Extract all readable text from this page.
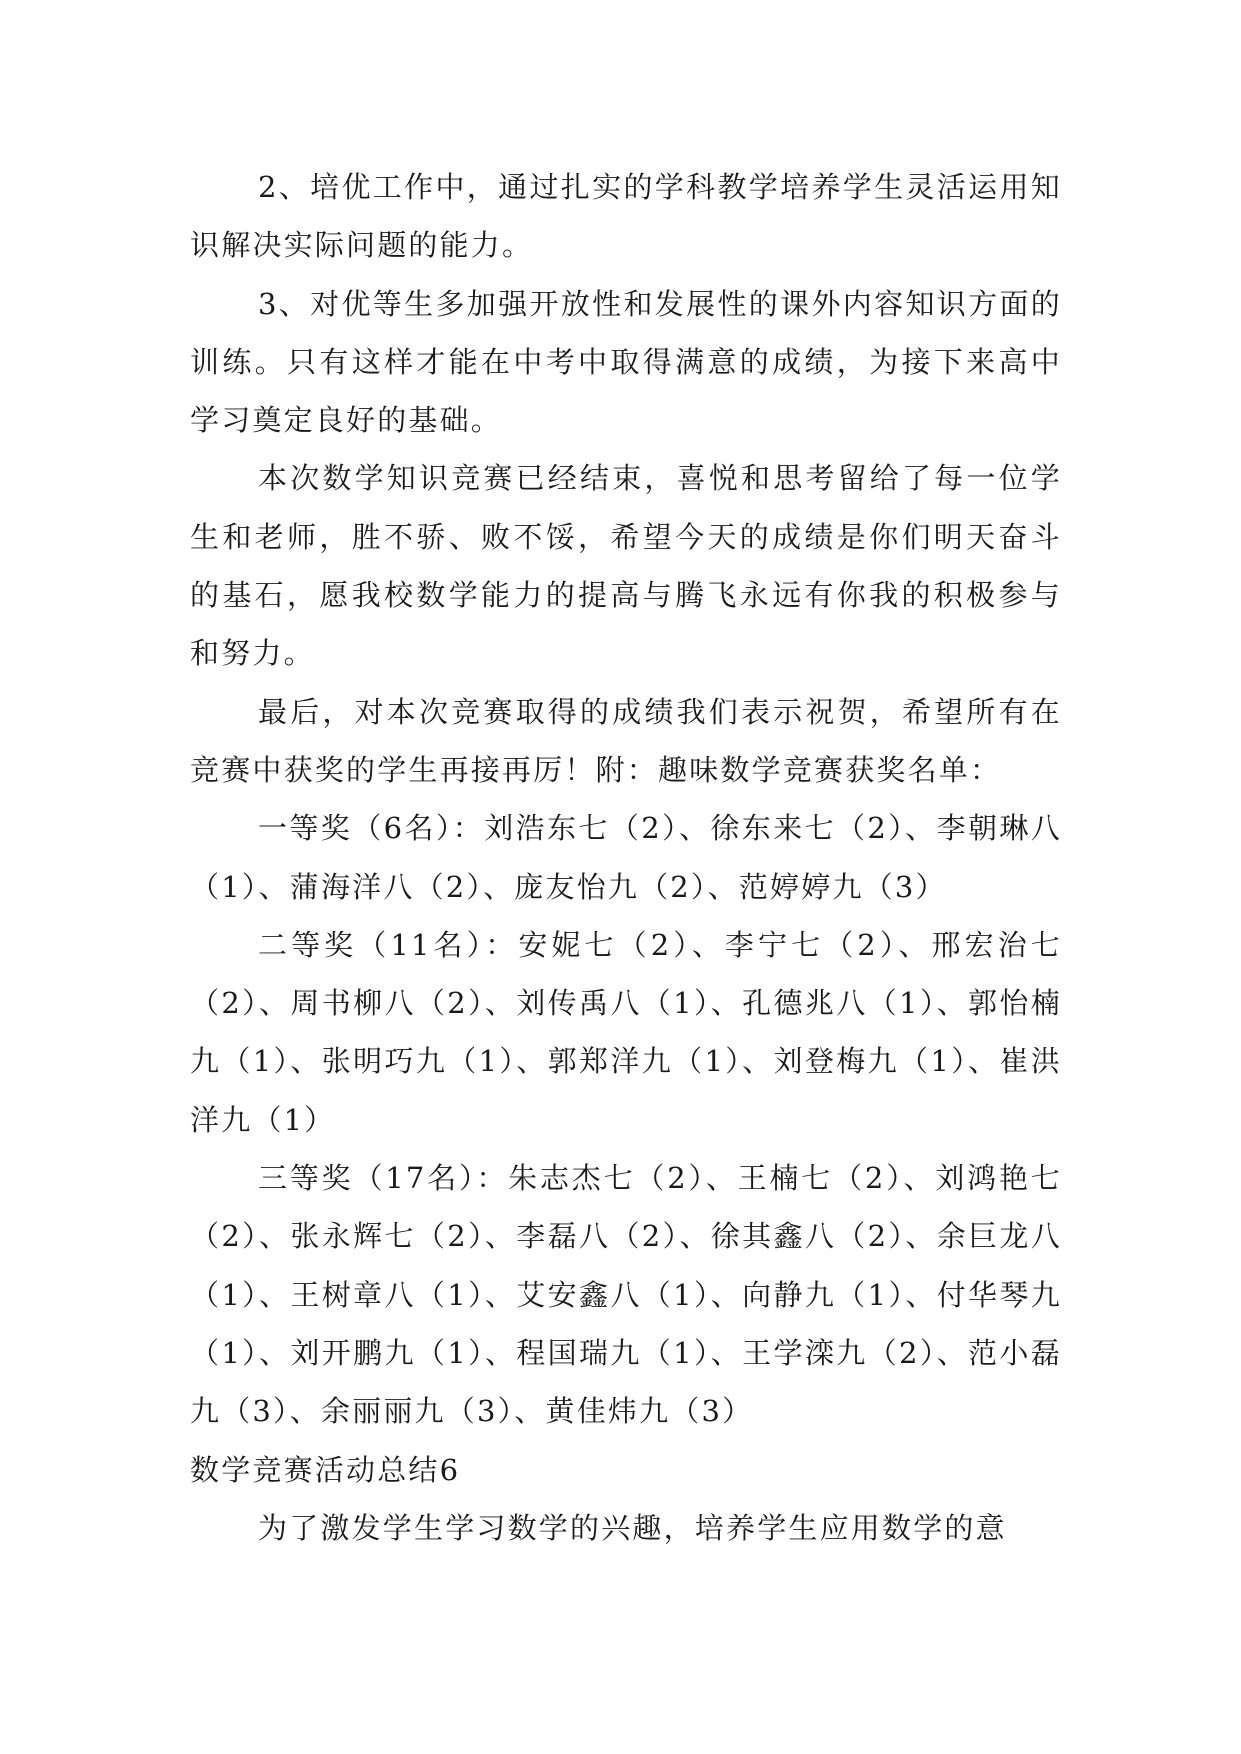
2、培优工作中，通过扎实的学科教学培养学生灵活运用知识解决实际问题的能力。

3、对优等生多加强开放性和发展性的课外内容知识方面的训练。只有这样才能在中考中取得满意的成绩，为接下来高中学习奠定良好的基础。

本次数学知识竞赛已经结束，喜悦和思考留给了每一位学生和老师，胜不骄、败不馁，希望今天的成绩是你们明天奋斗的基石，愿我校数学能力的提高与腾飞永远有你我的积极参与和努力。

最后，对本次竞赛取得的成绩我们表示祝贺，希望所有在竞赛中获奖的学生再接再厉！附：趣味数学竞赛获奖名单：

一等奖（6名）：刘浩东七（2）、徐东来七（2）、李朝琳八（1）、蒲海洋八（2）、庞友怡九（2）、范婷婷九（3）

二等奖（11名）：安妮七（2）、李宁七（2）、邢宏治七（2）、周书柳八（2）、刘传禹八（1）、孔德兆八（1）、郭怡楠九（1）、张明巧九（1）、郭郑洋九（1）、刘登梅九（1）、崔洪洋九（1）

三等奖（17名）：朱志杰七（2）、王楠七（2）、刘鸿艳七（2）、张永辉七（2）、李磊八（2）、徐其鑫八（2）、余巨龙八（1）、王树章八（1）、艾安鑫八（1）、向静九（1）、付华琴九（1）、刘开鹏九（1）、程国瑞九（1）、王学滦九（2）、范小磊九（3）、余丽丽九（3）、黄佳炜九（3）

数学竞赛活动总结6

为了激发学生学习数学的兴趣，培养学生应用数学的意
